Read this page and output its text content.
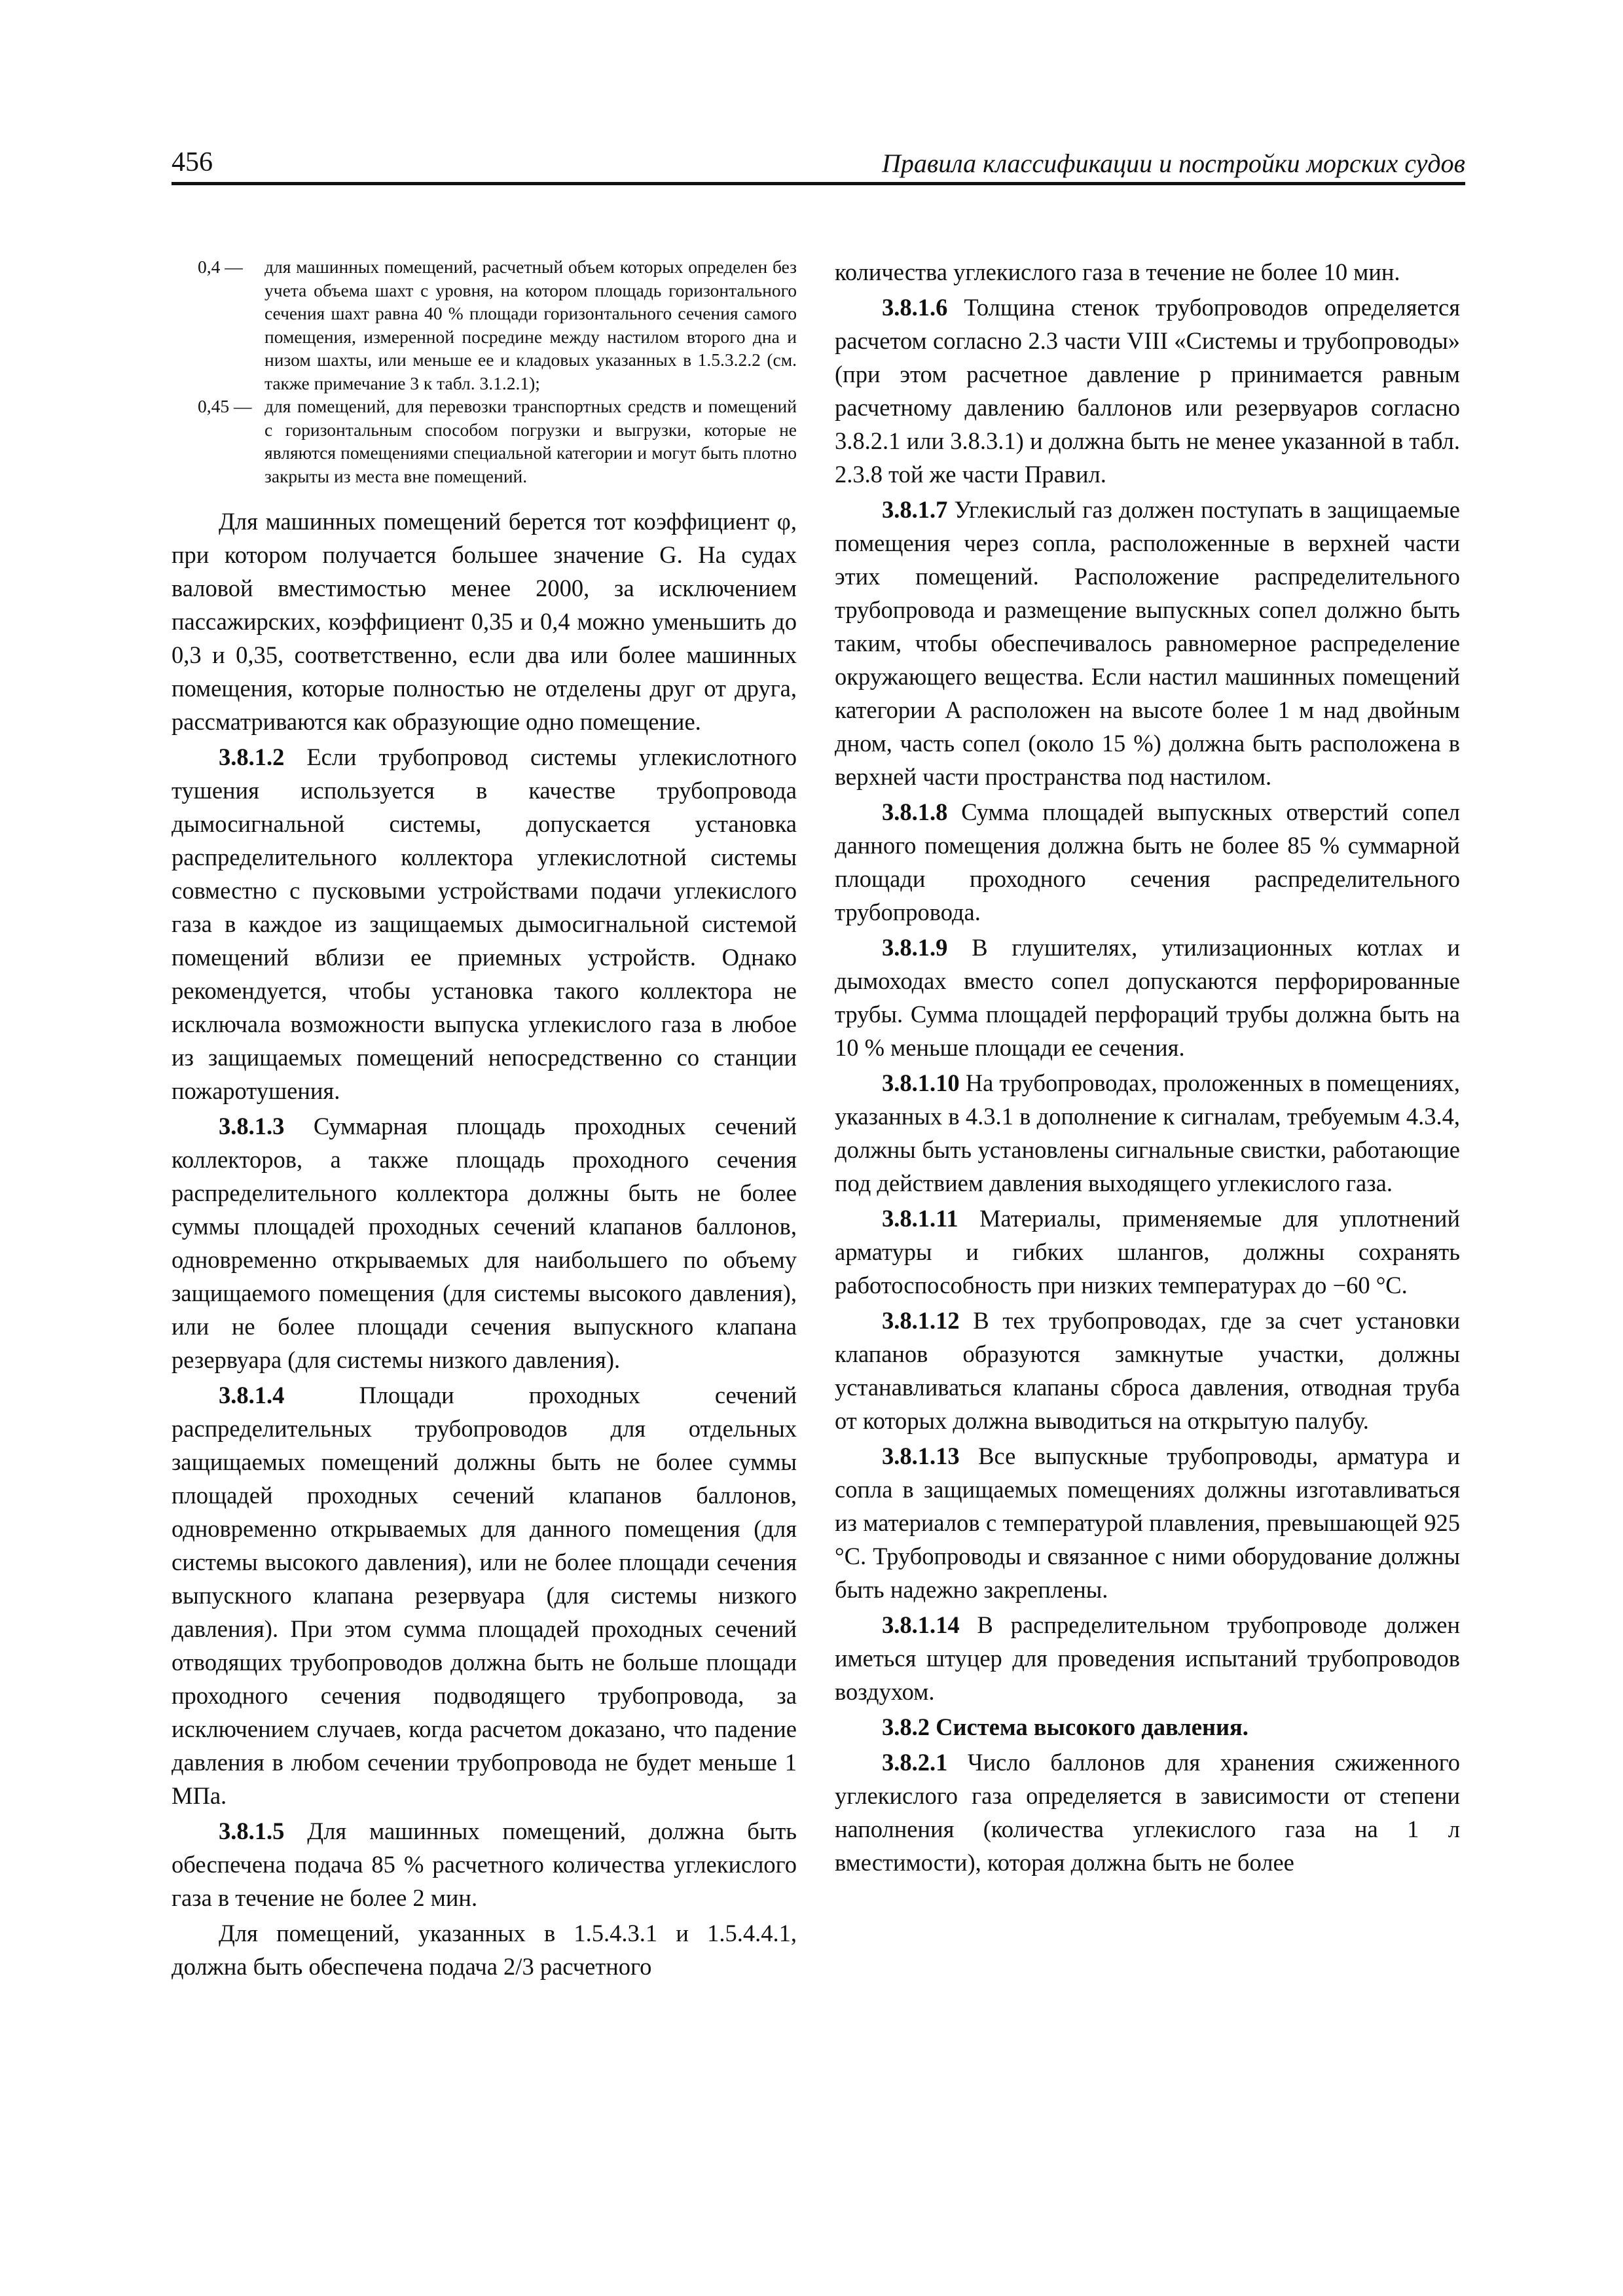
456	Правила классификации и постройки морских судов

0,4 — для машинных помещений, расчетный объем которых определен без учета объема шахт с уровня, на котором площадь горизонтального сечения шахт равна 40 % площади горизонтального сечения самого помещения, измеренной посредине между настилом второго дна и низом шахты, или меньше ее и кладовых указанных в 1.5.3.2.2 (см. также примечание 3 к табл. 3.1.2.1);

0,45 — для помещений, для перевозки транспортных средств и помещений с горизонтальным способом погрузки и выгрузки, которые не являются помещениями специальной категории и могут быть плотно закрыты из места вне помещений.

Для машинных помещений берется тот коэффициент φ, при котором получается большее значение G. На судах валовой вместимостью менее 2000, за исключением пассажирских, коэффициент 0,35 и 0,4 можно уменьшить до 0,3 и 0,35, соответственно, если два или более машинных помещения, которые полностью не отделены друг от друга, рассматриваются как образующие одно помещение.

3.8.1.2 Если трубопровод системы углекислотного тушения используется в качестве трубопровода дымосигнальной системы, допускается установка распределительного коллектора углекислотной системы совместно с пусковыми устройствами подачи углекислого газа в каждое из защищаемых дымосигнальной системой помещений вблизи ее приемных устройств. Однако рекомендуется, чтобы установка такого коллектора не исключала возможности выпуска углекислого газа в любое из защищаемых помещений непосредственно со станции пожаротушения.

3.8.1.3 Суммарная площадь проходных сечений коллекторов, а также площадь проходного сечения распределительного коллектора должны быть не более суммы площадей проходных сечений клапанов баллонов, одновременно открываемых для наибольшего по объему защищаемого помещения (для системы высокого давления), или не более площади сечения выпускного клапана резервуара (для системы низкого давления).

3.8.1.4	Площади проходных сечений распределительных трубопроводов для отдельных защищаемых помещений должны быть не более суммы площадей проходных сечений клапанов баллонов, одновременно открываемых для данного помещения (для системы высокого давления), или не более площади сечения выпускного клапана резервуара (для системы низкого давления). При этом сумма площадей проходных сечений отводящих трубопроводов должна быть не больше площади проходного сечения подводящего трубопровода, за исключением случаев, когда расчетом доказано, что падение давления в любом сечении трубопровода не будет меньше 1 МПа.

3.8.1.5 Для машинных помещений, должна быть обеспечена подача 85 % расчетного количества углекислого газа в течение не более 2 мин.

Для помещений, указанных в 1.5.4.3.1 и 1.5.4.4.1, должна быть обеспечена подача 2/3 расчетного

количества углекислого газа в течение не более 10 мин.

3.8.1.6 Толщина стенок трубопроводов определяется расчетом согласно 2.3 части VIII «Системы и трубопроводы» (при этом расчетное давление p принимается равным расчетному давлению баллонов или резервуаров согласно 3.8.2.1 или 3.8.3.1) и должна быть не менее указанной в табл. 2.3.8 той же части Правил.

3.8.1.7 Углекислый газ должен поступать в защищаемые помещения через сопла, расположенные в верхней части этих помещений. Расположение распределительного трубопровода и размещение выпускных сопел должно быть таким, чтобы обеспечивалось равномерное распределение окружающего вещества. Если настил машинных помещений категории A расположен на высоте более 1 м над двойным дном, часть сопел (около 15 %) должна быть расположена в верхней части пространства под настилом.

3.8.1.8 Сумма площадей выпускных отверстий сопел данного помещения должна быть не более 85 % суммарной площади проходного сечения распределительного трубопровода.

3.8.1.9 В глушителях, утилизационных котлах и дымоходах вместо сопел допускаются перфорированные трубы. Сумма площадей перфораций трубы должна быть на 10 % меньше площади ее сечения.

3.8.1.10 На трубопроводах, проложенных в помещениях, указанных в 4.3.1 в дополнение к сигналам, требуемым 4.3.4, должны быть установлены сигнальные свистки, работающие под действием давления выходящего углекислого газа.

3.8.1.11 Материалы, применяемые для уплотнений арматуры и гибких шлангов, должны сохранять работоспособность при низких температурах до −60 °C.

3.8.1.12 В тех трубопроводах, где за счет установки клапанов образуются замкнутые участки, должны устанавливаться клапаны сброса давления, отводная труба от которых должна выводиться на открытую палубу.

3.8.1.13 Все выпускные трубопроводы, арматура и сопла в защищаемых помещениях должны изготавливаться из материалов с температурой плавления, превышающей 925 °C. Трубопроводы и связанное с ними оборудование должны быть надежно закреплены.

3.8.1.14 В распределительном трубопроводе должен иметься штуцер для проведения испытаний трубопроводов воздухом.

3.8.2 Система высокого давления.

3.8.2.1 Число баллонов для хранения сжиженного углекислого газа определяется в зависимости от степени наполнения (количества углекислого газа на 1 л вместимости), которая должна быть не более
